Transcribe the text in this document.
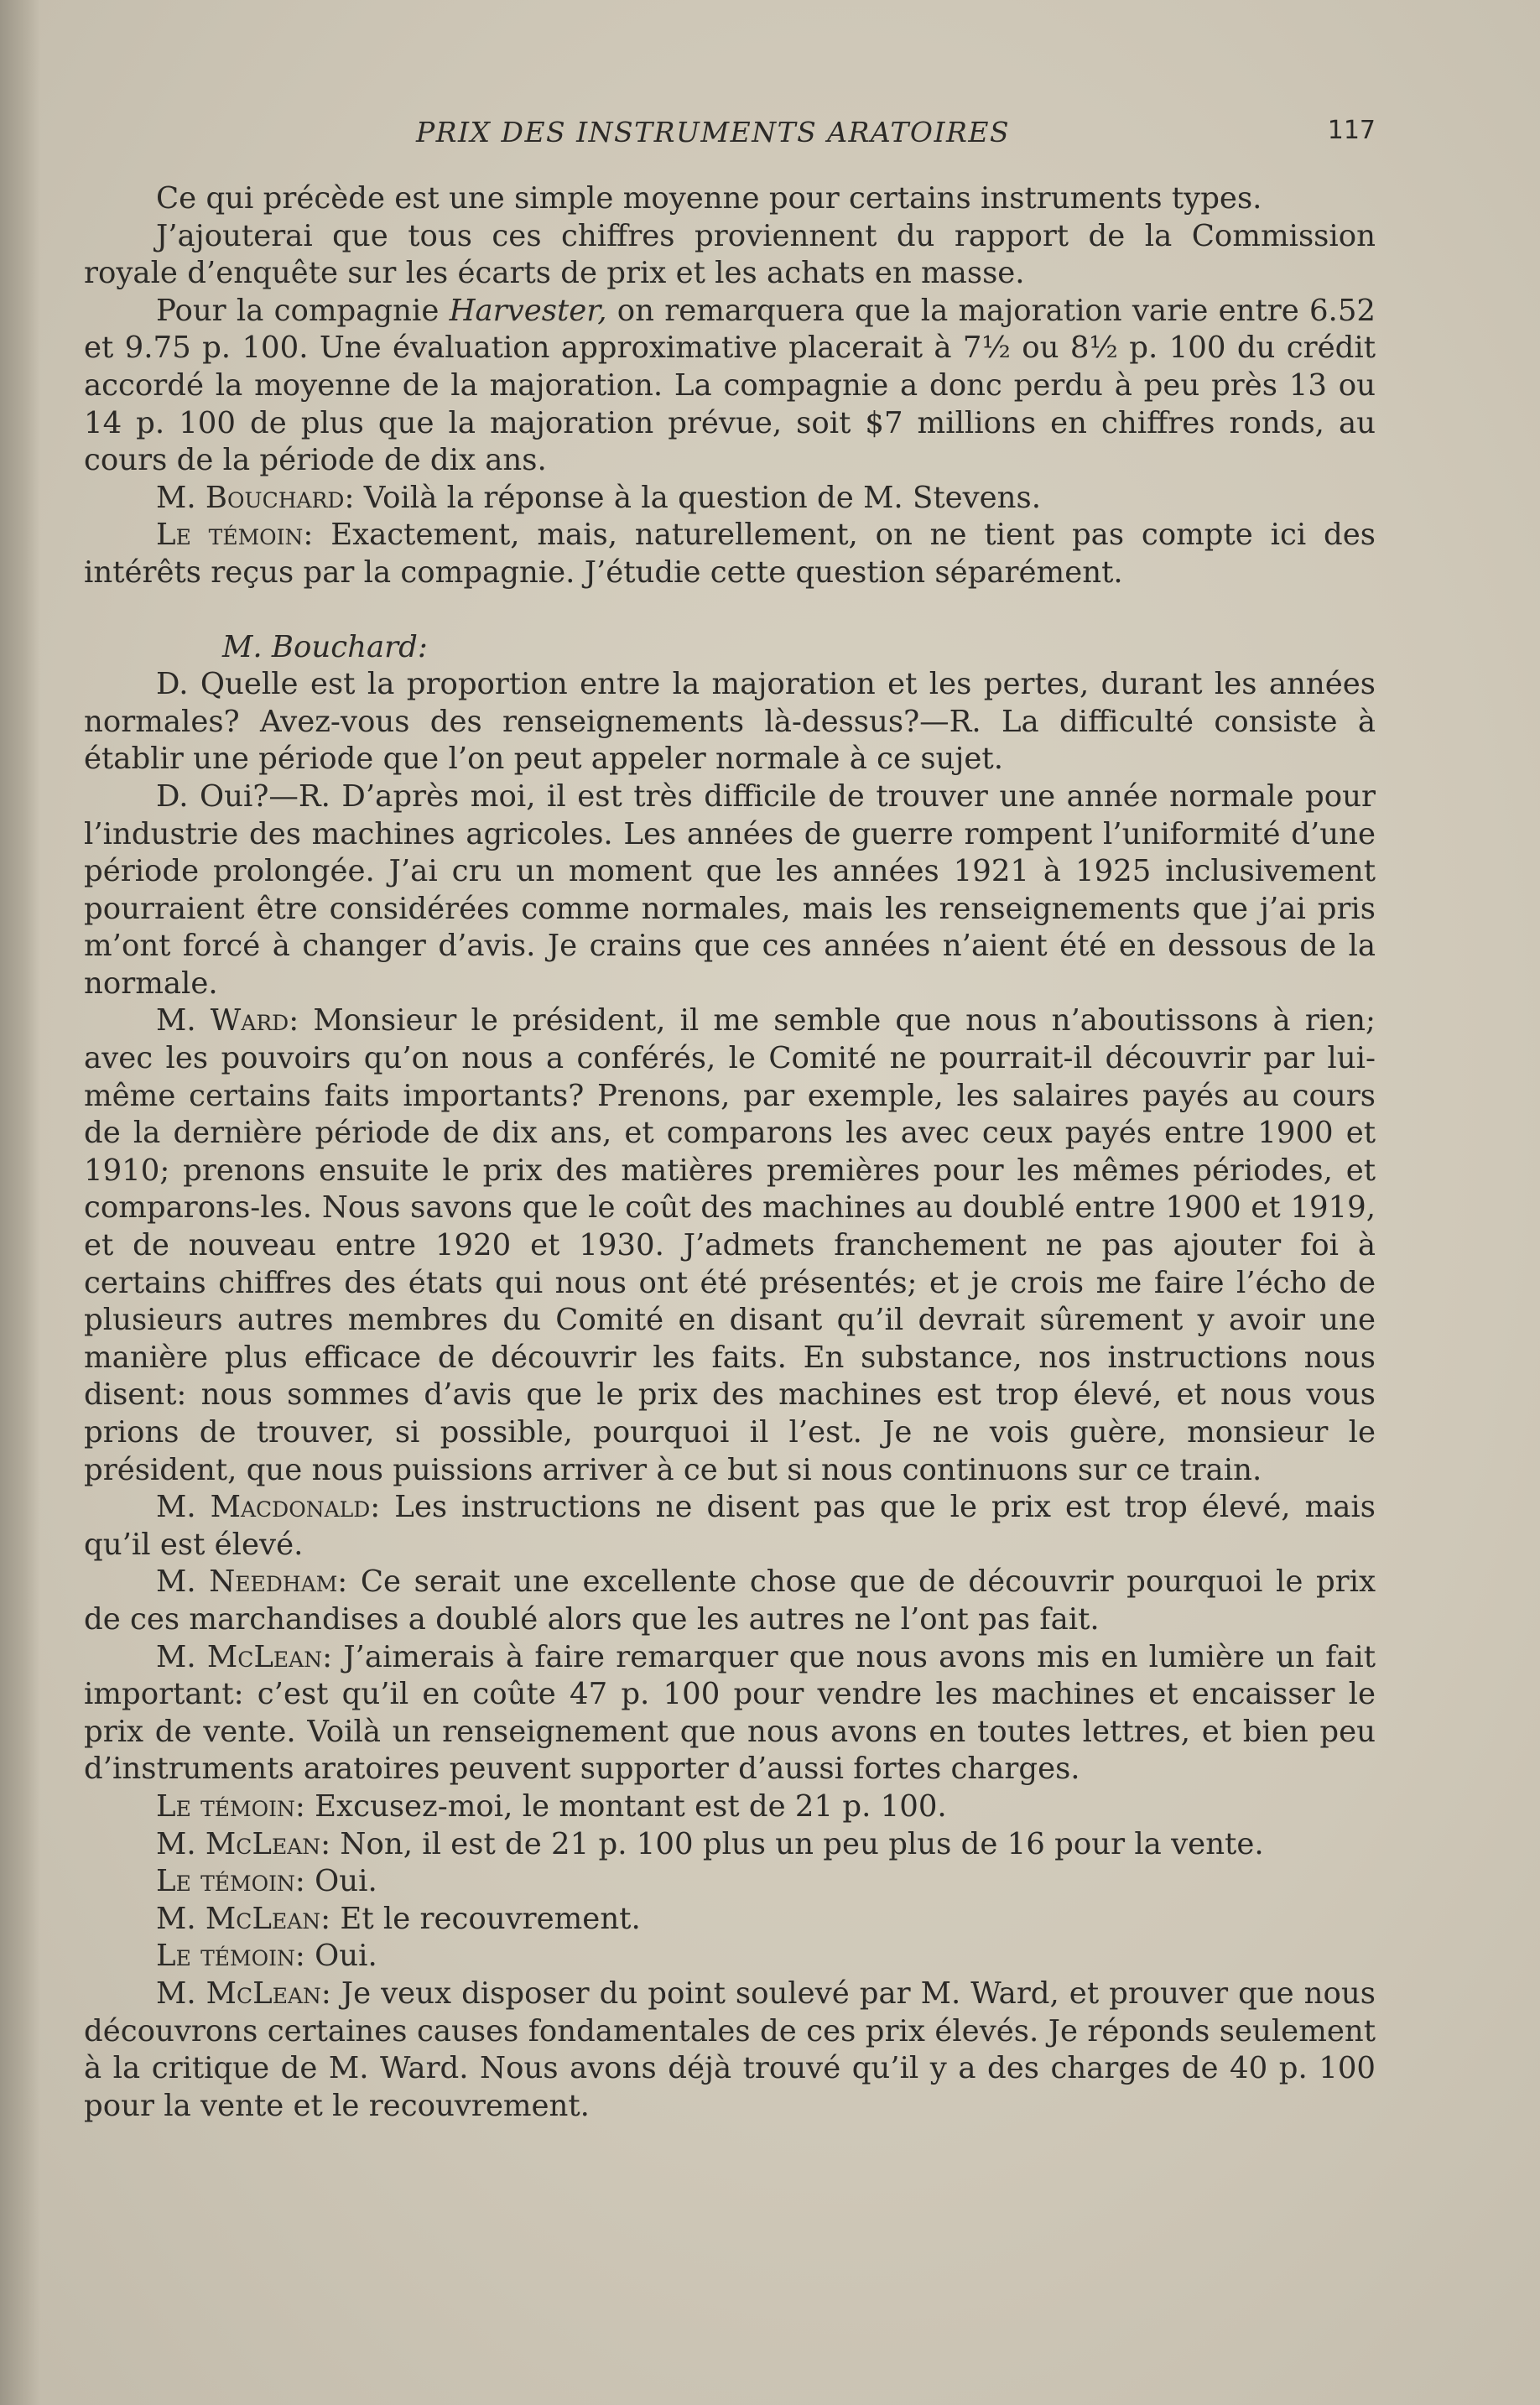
PRIX DES INSTRUMENTS ARATOIRES	117

Ce qui précède est une simple moyenne pour certains instruments types.

J’ajouterai que tous ces chiffres proviennent du rapport de la Commission royale d’enquête sur les écarts de prix et les achats en masse.

Pour la compagnie Harvester, on remarquera que la majoration varie entre 6.52 et 9.75 p. 100. Une évaluation approximative placerait à 7½ ou 8½ p. 100 du crédit accordé la moyenne de la majoration. La compagnie a donc perdu à peu près 13 ou 14 p. 100 de plus que la majoration prévue, soit $7 millions en chiffres ronds, au cours de la période de dix ans.

M. Bouchard: Voilà la réponse à la question de M. Stevens.

Le témoin: Exactement, mais, naturellement, on ne tient pas compte ici des intérêts reçus par la compagnie. J’étudie cette question séparément.

M. Bouchard:

D. Quelle est la proportion entre la majoration et les pertes, durant les années normales? Avez-vous des renseignements là-dessus?—R. La difficulté consiste à établir une période que l’on peut appeler normale à ce sujet.

D. Oui?—R. D’après moi, il est très difficile de trouver une année normale pour l’industrie des machines agricoles. Les années de guerre rompent l’uniformité d’une période prolongée. J’ai cru un moment que les années 1921 à 1925 inclusivement pourraient être considérées comme normales, mais les renseignements que j’ai pris m’ont forcé à changer d’avis. Je crains que ces années n’aient été en dessous de la normale.

M. Ward: Monsieur le président, il me semble que nous n’aboutissons à rien; avec les pouvoirs qu’on nous a conférés, le Comité ne pourrait-il découvrir par lui-même certains faits importants? Prenons, par exemple, les salaires payés au cours de la dernière période de dix ans, et comparons les avec ceux payés entre 1900 et 1910; prenons ensuite le prix des matières premières pour les mêmes périodes, et comparons-les. Nous savons que le coût des machines au doublé entre 1900 et 1919, et de nouveau entre 1920 et 1930. J’admets franchement ne pas ajouter foi à certains chiffres des états qui nous ont été présentés; et je crois me faire l’écho de plusieurs autres membres du Comité en disant qu’il devrait sûrement y avoir une manière plus efficace de découvrir les faits. En substance, nos instructions nous disent: nous sommes d’avis que le prix des machines est trop élevé, et nous vous prions de trouver, si possible, pourquoi il l’est. Je ne vois guère, monsieur le président, que nous puissions arriver à ce but si nous continuons sur ce train.

M. Macdonald: Les instructions ne disent pas que le prix est trop élevé, mais qu’il est élevé.

M. Needham: Ce serait une excellente chose que de découvrir pourquoi le prix de ces marchandises a doublé alors que les autres ne l’ont pas fait.

M. McLean: J’aimerais à faire remarquer que nous avons mis en lumière un fait important: c’est qu’il en coûte 47 p. 100 pour vendre les machines et encaisser le prix de vente. Voilà un renseignement que nous avons en toutes lettres, et bien peu d’instruments aratoires peuvent supporter d’aussi fortes charges.

Le témoin: Excusez-moi, le montant est de 21 p. 100.

M. McLean: Non, il est de 21 p. 100 plus un peu plus de 16 pour la vente.

Le témoin: Oui.

M. McLean: Et le recouvrement.

Le témoin: Oui.

M. McLean: Je veux disposer du point soulevé par M. Ward, et prouver que nous découvrons certaines causes fondamentales de ces prix élevés. Je réponds seulement à la critique de M. Ward. Nous avons déjà trouvé qu’il y a des charges de 40 p. 100 pour la vente et le recouvrement.
